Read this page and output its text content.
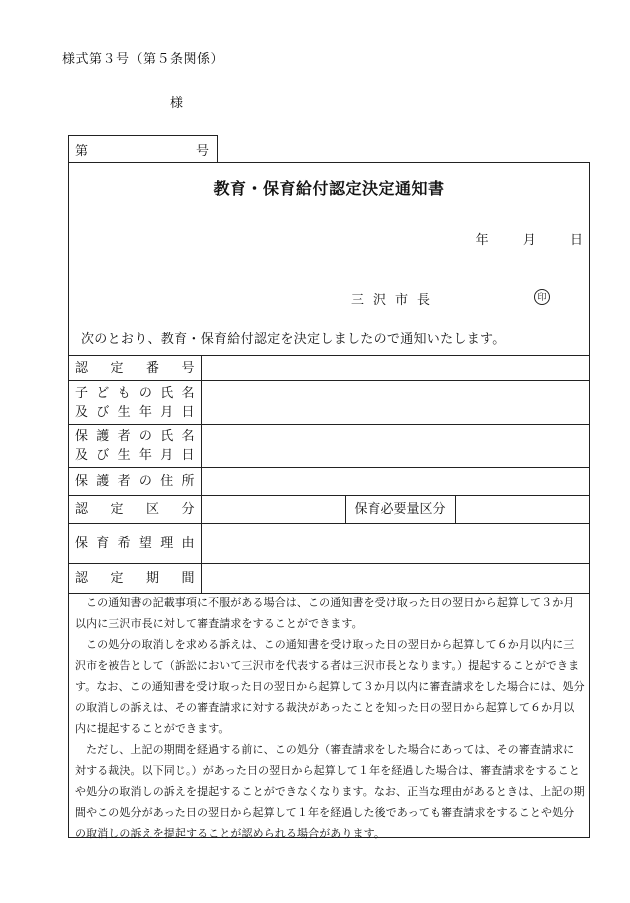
様式第３号（第５条関係）
様
第	号
教育・保育給付認定決定通知書
年	月	日
三沢市長	印
次のとおり、教育・保育給付認定を決定しましたので通知いたします。
認定番号			

子どもの氏名
及び生年月日			

保護者の氏名
及び生年月日			

保護者の住所			
認定区分		保育必要量区分	
保育希望理由			
認定期間			

この通知書の記載事項に不服がある場合は、この通知書を受け取った日の翌日から起算して３か月以内に三沢市長に対して審査請求をすることができます。

この処分の取消しを求める訴えは、この通知書を受け取った日の翌日から起算して６か月以内に三沢市を被告として（訴訟において三沢市を代表する者は三沢市長となります。）提起することができます。なお、この通知書を受け取った日の翌日から起算して３か月以内に審査請求をした場合には、処分の取消しの訴えは、その審査請求に対する裁決があったことを知った日の翌日から起算して６か月以内に提起することができます。

ただし、上記の期間を経過する前に、この処分（審査請求をした場合にあっては、その審査請求に対する裁決。以下同じ。）があった日の翌日から起算して１年を経過した場合は、審査請求をすることや処分の取消しの訴えを提起することができなくなります。なお、正当な理由があるときは、上記の期間やこの処分があった日の翌日から起算して１年を経過した後であっても審査請求をすることや処分の取消しの訴えを提起することが認められる場合があります。
